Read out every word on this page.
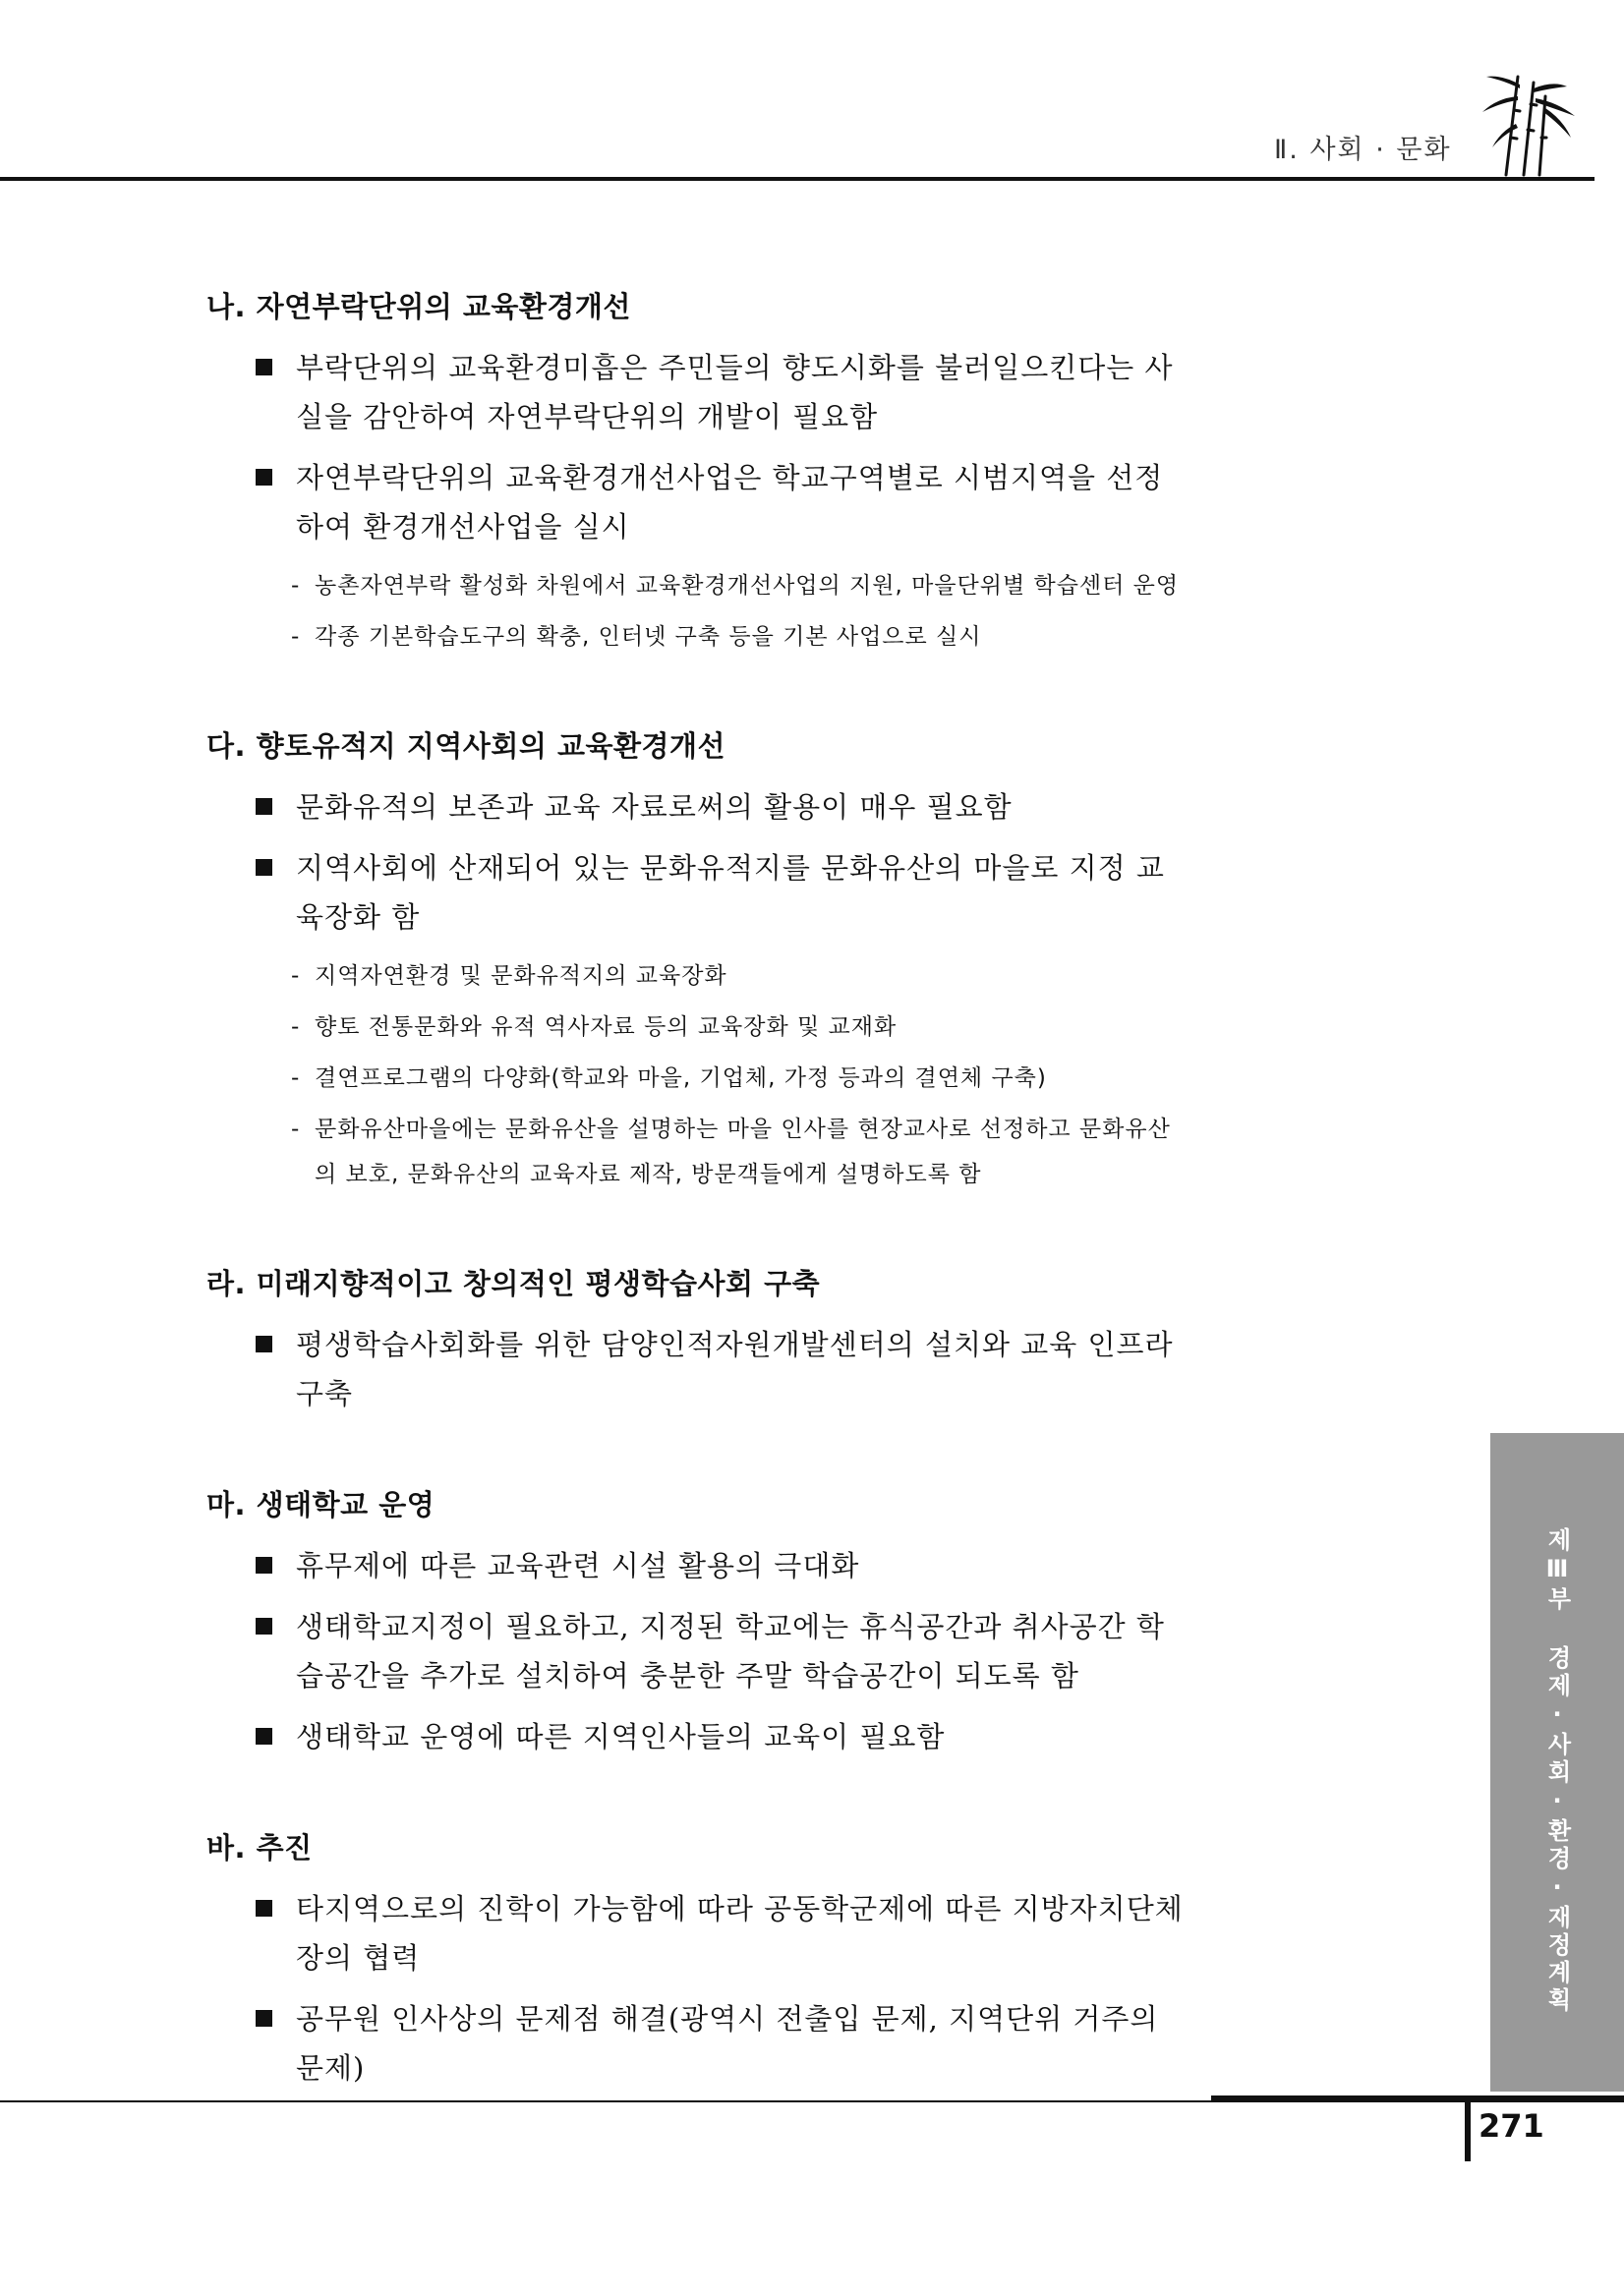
Ⅱ. 사회 · 문화
나. 자연부락단위의 교육환경개선
부락단위의 교육환경미흡은 주민들의 향도시화를 불러일으킨다는 사실을 감안하여 자연부락단위의 개발이 필요함
자연부락단위의 교육환경개선사업은 학교구역별로 시범지역을 선정하여 환경개선사업을 실시
- 농촌자연부락 활성화 차원에서 교육환경개선사업의 지원, 마을단위별 학습센터 운영
- 각종 기본학습도구의 확충, 인터넷 구축 등을 기본 사업으로 실시
다. 향토유적지 지역사회의 교육환경개선
문화유적의 보존과 교육 자료로써의 활용이 매우 필요함
지역사회에 산재되어 있는 문화유적지를 문화유산의 마을로 지정 교육장화 함
- 지역자연환경 및 문화유적지의 교육장화
- 향토 전통문화와 유적 역사자료 등의 교육장화 및 교재화
- 결연프로그램의 다양화(학교와 마을, 기업체, 가정 등과의 결연체 구축)
- 문화유산마을에는 문화유산을 설명하는 마을 인사를 현장교사로 선정하고 문화유산의 보호, 문화유산의 교육자료 제작, 방문객들에게 설명하도록 함
라. 미래지향적이고 창의적인 평생학습사회 구축
평생학습사회화를 위한 담양인적자원개발센터의 설치와 교육 인프라구축
마. 생태학교 운영
휴무제에 따른 교육관련 시설 활용의 극대화
생태학교지정이 필요하고, 지정된 학교에는 휴식공간과 취사공간 학습공간을 추가로 설치하여 충분한 주말 학습공간이 되도록 함
생태학교 운영에 따른 지역인사들의 교육이 필요함
바. 추진
타지역으로의 진학이 가능함에 따라 공동학군제에 따른 지방자치단체장의 협력
공무원 인사상의 문제점 해결(광역시 전출입 문제, 지역단위 거주의 문제)
제Ⅲ부 경제·사회·환경·재정계획
271
